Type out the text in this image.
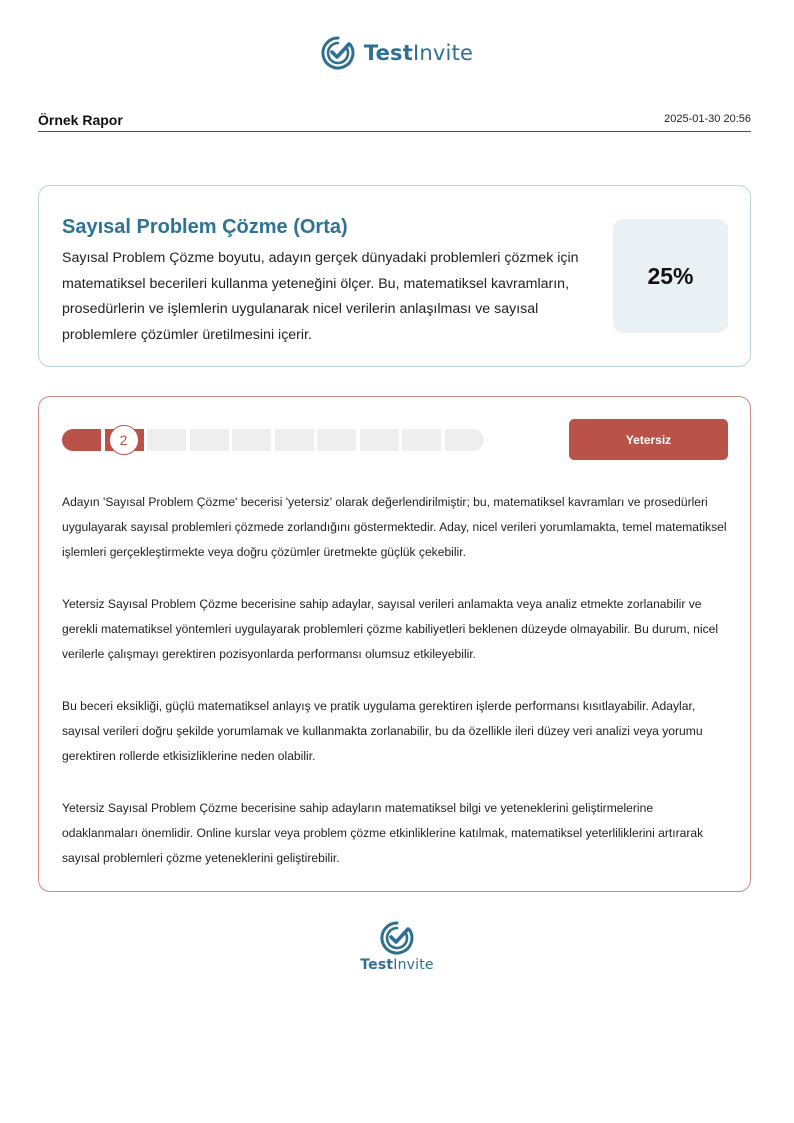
TestInvite
Örnek Rapor	2025-01-30 20:56
Sayısal Problem Çözme (Orta)
Sayısal Problem Çözme boyutu, adayın gerçek dünyadaki problemleri çözmek için matematiksel becerileri kullanma yeteneğini ölçer. Bu, matematiksel kavramların, prosedürlerin ve işlemlerin uygulanarak nicel verilerin anlaşılması ve sayısal problemlere çözümler üretilmesini içerir.
25%
2	Yetersiz

Adayın 'Sayısal Problem Çözme' becerisi 'yetersiz' olarak değerlendirilmiştir; bu, matematiksel kavramları ve prosedürleri uygulayarak sayısal problemleri çözmede zorlandığını göstermektedir. Aday, nicel verileri yorumlamakta, temel matematiksel işlemleri gerçekleştirmekte veya doğru çözümler üretmekte güçlük çekebilir.

Yetersiz Sayısal Problem Çözme becerisine sahip adaylar, sayısal verileri anlamakta veya analiz etmekte zorlanabilir ve gerekli matematiksel yöntemleri uygulayarak problemleri çözme kabiliyetleri beklenen düzeyde olmayabilir. Bu durum, nicel verilerle çalışmayı gerektiren pozisyonlarda performansı olumsuz etkileyebilir.

Bu beceri eksikliği, güçlü matematiksel anlayış ve pratik uygulama gerektiren işlerde performansı kısıtlayabilir. Adaylar, sayısal verileri doğru şekilde yorumlamak ve kullanmakta zorlanabilir, bu da özellikle ileri düzey veri analizi veya yorumu gerektiren rollerde etkisizliklerine neden olabilir.

Yetersiz Sayısal Problem Çözme becerisine sahip adayların matematiksel bilgi ve yeteneklerini geliştirmelerine odaklanmaları önemlidir. Online kurslar veya problem çözme etkinliklerine katılmak, matematiksel yeterliliklerini artırarak sayısal problemleri çözme yeteneklerini geliştirebilir.

TestInvite
